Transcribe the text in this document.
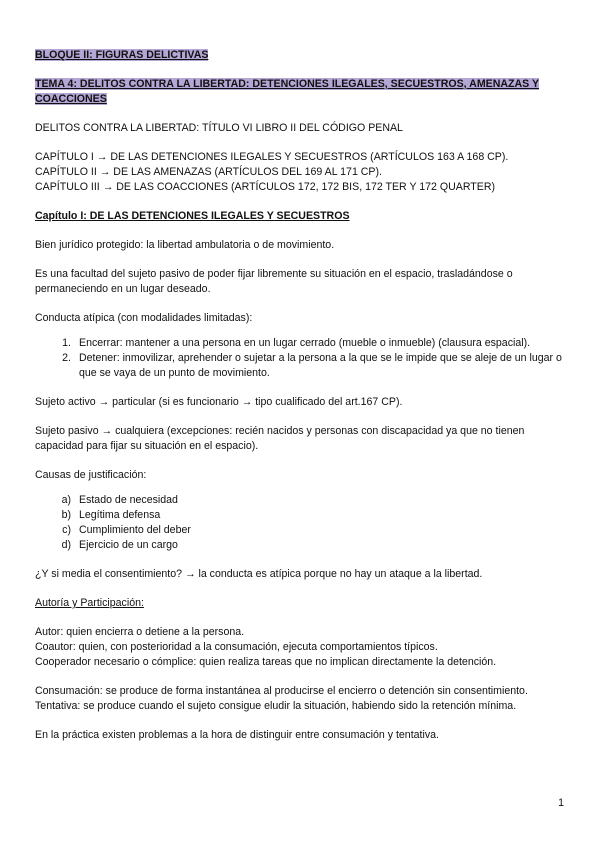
BLOQUE II: FIGURAS DELICTIVAS

TEMA 4: DELITOS CONTRA LA LIBERTAD: DETENCIONES ILEGALES, SECUESTROS, AMENAZAS Y COACCIONES

DELITOS CONTRA LA LIBERTAD: TÍTULO VI LIBRO II DEL CÓDIGO PENAL

CAPÍTULO I → DE LAS DETENCIONES ILEGALES Y SECUESTROS (ARTÍCULOS 163 A 168 CP).

CAPÍTULO II → DE LAS AMENAZAS (ARTÍCULOS DEL 169 AL 171 CP).

CAPÍTULO III → DE LAS COACCIONES (ARTÍCULOS 172, 172 BIS, 172 TER Y 172 QUARTER)

Capítulo I: DE LAS DETENCIONES ILEGALES Y SECUESTROS

Bien jurídico protegido: la libertad ambulatoria o de movimiento.

Es una facultad del sujeto pasivo de poder fijar libremente su situación en el espacio, trasladándose o permaneciendo en un lugar deseado.

Conducta atípica (con modalidades limitadas):

1. Encerrar: mantener a una persona en un lugar cerrado (mueble o inmueble) (clausura espacial).
2. Detener: inmovilizar, aprehender o sujetar a la persona a la que se le impide que se aleje de un lugar o que se vaya de un punto de movimiento.

Sujeto activo → particular (si es funcionario → tipo cualificado del art.167 CP).

Sujeto pasivo → cualquiera (excepciones: recién nacidos y personas con discapacidad ya que no tienen capacidad para fijar su situación en el espacio).

Causas de justificación:

a) Estado de necesidad
b) Legítima defensa
c) Cumplimiento del deber
d) Ejercicio de un cargo

¿Y si media el consentimiento? → la conducta es atípica porque no hay un ataque a la libertad.

Autoría y Participación:

Autor: quien encierra o detiene a la persona.

Coautor: quien, con posterioridad a la consumación, ejecuta comportamientos típicos.

Cooperador necesario o cómplice: quien realiza tareas que no implican directamente la detención.

Consumación: se produce de forma instantánea al producirse el encierro o detención sin consentimiento.

Tentativa: se produce cuando el sujeto consigue eludir la situación, habiendo sido la retención mínima.

En la práctica existen problemas a la hora de distinguir entre consumación y tentativa.

1
